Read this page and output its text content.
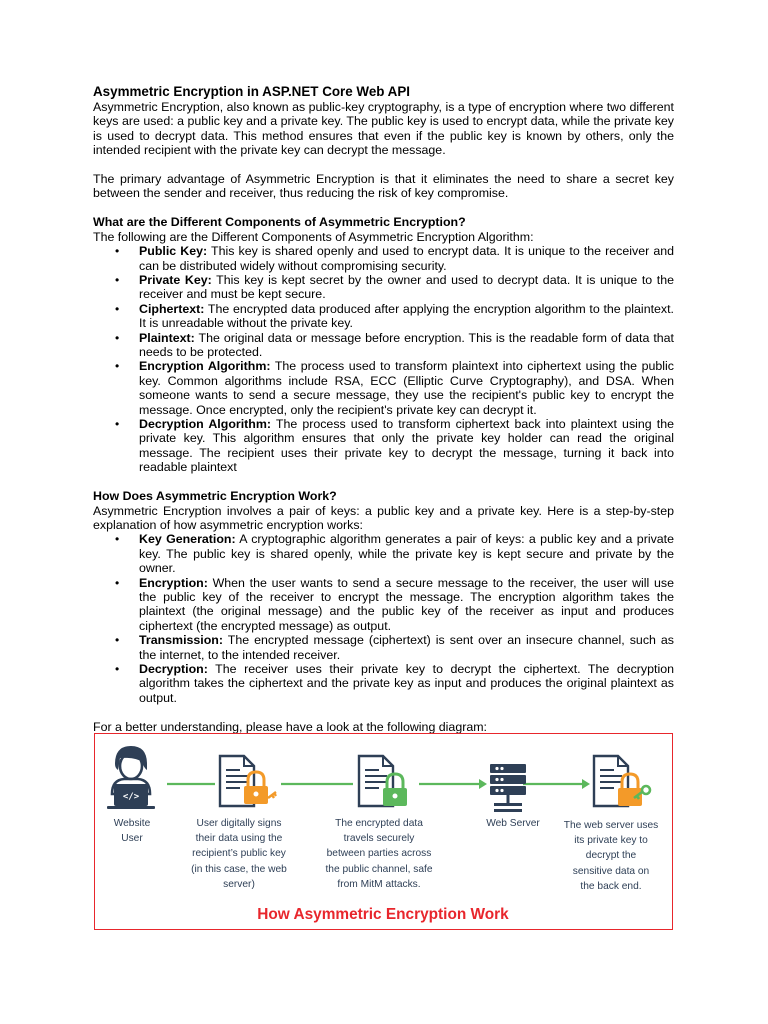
Asymmetric Encryption in ASP.NET Core Web API

Asymmetric Encryption, also known as public-key cryptography, is a type of encryption where two different keys are used: a public key and a private key. The public key is used to encrypt data, while the private key is used to decrypt data. This method ensures that even if the public key is known by others, only the intended recipient with the private key can decrypt the message.

The primary advantage of Asymmetric Encryption is that it eliminates the need to share a secret key between the sender and receiver, thus reducing the risk of key compromise.

What are the Different Components of Asymmetric Encryption?

The following are the Different Components of Asymmetric Encryption Algorithm:

• Public Key: This key is shared openly and used to encrypt data. It is unique to the receiver and can be distributed widely without compromising security.
• Private Key: This key is kept secret by the owner and used to decrypt data. It is unique to the receiver and must be kept secure.
• Ciphertext: The encrypted data produced after applying the encryption algorithm to the plaintext. It is unreadable without the private key.
• Plaintext: The original data or message before encryption. This is the readable form of data that needs to be protected.
• Encryption Algorithm: The process used to transform plaintext into ciphertext using the public key. Common algorithms include RSA, ECC (Elliptic Curve Cryptography), and DSA. When someone wants to send a secure message, they use the recipient's public key to encrypt the message. Once encrypted, only the recipient's private key can decrypt it.
• Decryption Algorithm: The process used to transform ciphertext back into plaintext using the private key. This algorithm ensures that only the private key holder can read the original message. The recipient uses their private key to decrypt the message, turning it back into readable plaintext
How Does Asymmetric Encryption Work?

Asymmetric Encryption involves a pair of keys: a public key and a private key. Here is a step-by-step explanation of how asymmetric encryption works:

• Key Generation: A cryptographic algorithm generates a pair of keys: a public key and a private key. The public key is shared openly, while the private key is kept secure and private by the owner.
• Encryption: When the user wants to send a secure message to the receiver, the user will use the public key of the receiver to encrypt the message. The encryption algorithm takes the plaintext (the original message) and the public key of the receiver as input and produces ciphertext (the encrypted message) as output.
• Transmission: The encrypted message (ciphertext) is sent over an insecure channel, such as the internet, to the intended receiver.
• Decryption: The receiver uses their private key to decrypt the ciphertext. The decryption algorithm takes the ciphertext and the private key as input and produces the original plaintext as output.

For a better understanding, please have a look at the following diagram:

</>
Website
User
User digitally signs
their data using the
recipient’s public key
(in this case, the web
server)
The encrypted data
travels securely
between parties across
the public channel, safe
from MitM attacks.
Web Server	The web server uses
its private key to
decrypt the
sensitive data on
the back end.
How Asymmetric Encryption Work
